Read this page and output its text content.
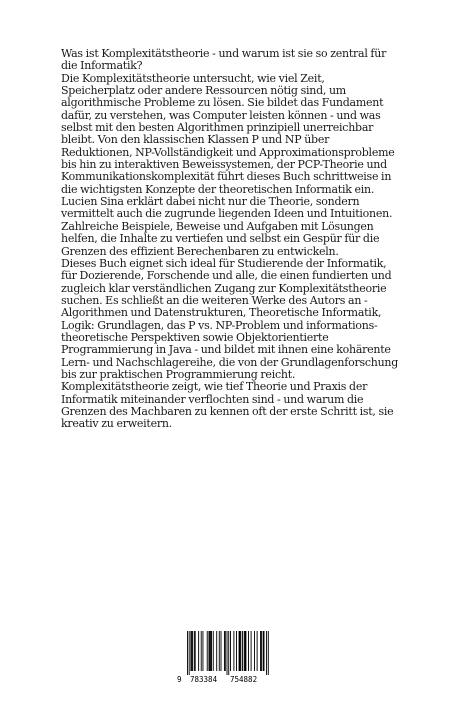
Was ist Komplexitätstheorie - und warum ist sie so zentral für die Informatik?

Die Komplexitätstheorie untersucht, wie viel Zeit, Speicherplatz oder andere Ressourcen nötig sind, um algorithmische Probleme zu lösen. Sie bildet das Fundament dafür, zu verstehen, was Computer leisten können - und was selbst mit den besten Algorithmen prinzipiell unerreichbar bleibt. Von den klassischen Klassen P und NP über Reduktionen, NP-Vollständigkeit und Approximationsprobleme bis hin zu interaktiven Beweissystemen, der PCP-Theorie und Kommunikationskomplexität führt dieses Buch schrittweise in die wichtigsten Konzepte der theoretischen Informatik ein.

Lucien Sina erklärt dabei nicht nur die Theorie, sondern vermittelt auch die zugrunde liegenden Ideen und Intuitionen. Zahlreiche Beispiele, Beweise und Aufgaben mit Lösungen helfen, die Inhalte zu vertiefen und selbst ein Gespür für die Grenzen des effizient Berechenbaren zu entwickeln.

Dieses Buch eignet sich ideal für Studierende der Informatik, für Dozierende, Forschende und alle, die einen fundierten und zugleich klar verständlichen Zugang zur Komplexitätstheorie suchen. Es schließt an die weiteren Werke des Autors an - Algorithmen und Datenstrukturen, Theoretische Informatik, Logik: Grundlagen, das P vs. NP-Problem und informations-theoretische Perspektiven sowie Objektorientierte Programmierung in Java - und bildet mit ihnen eine kohärente Lern- und Nachschlagereihe, die von der Grundlagenforschung bis zur praktischen Programmierung reicht.

Komplexitätstheorie zeigt, wie tief Theorie und Praxis der Informatik miteinander verflochten sind - und warum die Grenzen des Machbaren zu kennen oft der erste Schritt ist, sie kreativ zu erweitern.

9 783384 754882
